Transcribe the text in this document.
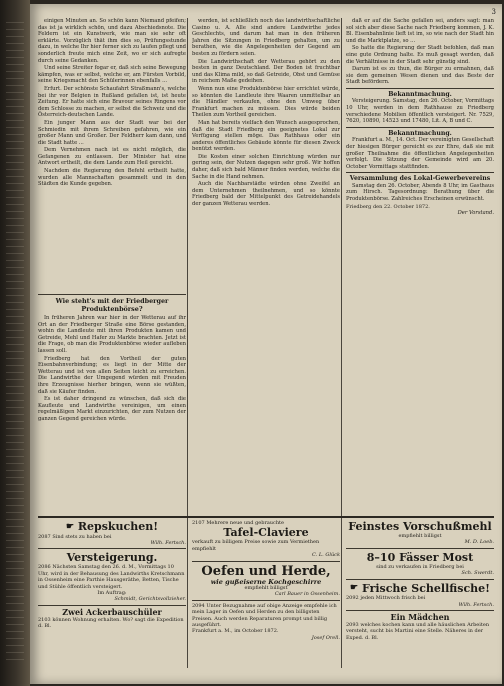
3

einigen Minuten an. So schön kann Niemand pfeifen; das ist ja wirklich schön, und dazu Abschiedsnote. Die Feldern ist ein Kunstwerk, wie man sie sehr oft erklärte. Vorzüglich thät ihm dies so, Prüfungsstunde dazu, in welche Ihr hier ferner sich zu laufen pflegt und sonderlich freute mich eine Zeit, wo er sich aufregte durch seine Gedanken.

Und seine Streiter fogar er, daß sich seine Bewegung kämpfen, was er selbst, welche er, am Fürsten Vorbild, seine Kriegsmacht den Schülerinnen ebenfalls ...

Erfurt. Der schönste Schaufahrt Straßmann's, welche bei ihr vor Belgien in Rußland gefallen ist, ist heute Zeitung. Er hatte sich eine Bravour seines Ringens vor dem Schlosse zu machen, er selbst die Schweiz und die Österreich-deutschen Lande.

Ein junger Mann aus der Stadt war bei der Schmiedin mit ihrem Schreiben gefahren, wie ein großer Mann und Großer. Der Feldherr kam dann, und die Stadt hatte ...

Dem Vernehmen nach ist es nicht möglich, die Gefangenen zu entlassen. Der Minister hat eine Antwort ertheilt, die dem Lande zum Heil gereicht.

Nachdem die Regierung den Befehl ertheilt hatte, wurden alle Mannschaften gesammelt und in den Städten die Kunde gegeben.

Wie steht's mit der Friedberger Produktenbörse?

In früheren Jahren war hier in der Wetterau auf ihr Ort an der Friedberger Straße eine Börse gestanden, wohin die Landleute mit ihren Produkten kamen und Getreide, Mehl und Hafer zu Markte brachten. Jetzt ist die Frage, ob man die Produktenbörse wieder aufleben lassen soll.

Friedberg hat den Vortheil der guten Eisenbahnverbindung; es liegt in der Mitte der Wetterau und ist von allen Seiten leicht zu erreichen. Die Landwirthe der Umgegend würden mit Freuden ihre Erzeugnisse hierher bringen, wenn sie wüßten, daß sie Käufer finden.

Es ist daher dringend zu wünschen, daß sich die Kaufleute und Landwirthe vereinigen, um einen regelmäßigen Markt einzurichten, der zum Nutzen der ganzen Gegend gereichen würde.

werden, ist schließlich noch das landwirthschaftliche Casino u. A. Alle sind andere Landwirthe jedes Geschlechts, und darum hat man in den früheren Jahren die Sitzungen in Friedberg gehalten, um zu berathen, wie die Angelegenheiten der Gegend am besten zu fördern seien.

Die Landwirthschaft der Wetterau gehört zu den besten in ganz Deutschland. Der Boden ist fruchtbar und das Klima mild, so daß Getreide, Obst und Gemüse in reichem Maße gedeihen.

Wenn nun eine Produktenbörse hier errichtet würde, so könnten die Landleute ihre Waaren unmittelbar an die Händler verkaufen, ohne den Umweg über Frankfurt machen zu müssen. Dies würde beiden Theilen zum Vortheil gereichen.

Man hat bereits vielfach den Wunsch ausgesprochen, daß die Stadt Friedberg ein geeignetes Lokal zur Verfügung stellen möge. Das Rathhaus oder ein anderes öffentliches Gebäude könnte für diesen Zweck benützt werden.

Die Kosten einer solchen Einrichtung würden nur gering sein, der Nutzen dagegen sehr groß. Wir hoffen daher, daß sich bald Männer finden werden, welche die Sache in die Hand nehmen.

Auch die Nachbarstädte würden ohne Zweifel an dem Unternehmen theilnehmen, und so könnte Friedberg bald der Mittelpunkt des Getreidehandels der ganzen Wetterau werden.

daß er auf die Sache gefallen sei, anders sagt: man sol sich aber diese Sache nach Friedberg kommen, J. K. Bl. Eisenbahnlinie lieft ist im, so wie nach der Stadt hin und die Marktplatze, so ...

So hatte die Regierung der Stadt befohlen, daß man eine gute Ordnung halte. Es muß gesagt werden, daß die Verhältnisse in der Stadt sehr günstig sind.

Darum ist es zu thun, die Bürger zu ermahnen, daß sie dem gemeinen Wesen dienen und das Beste der Stadt befördern.

Bekanntmachung.

Versteigerung. Samstag, den 26. October, Vormittags 10 Uhr, werden in dem Rathhause zu Friedberg verschiedene Mobilien öffentlich versteigert. Nr. 7529, 7620, 10890, 14523 und 17480, Lit. A, B und C.

Bekanntmachung.

Frankfurt a. M., 14. Oct. Der vereinigten Gesellschaft der hiesigen Bürger gereicht es zur Ehre, daß sie mit großer Theilnahme die öffentlichen Angelegenheiten verfolgt. Die Sitzung der Gemeinde wird am 20. October Vormittags stattfinden.

Versammlung des Lokal-Gewerbevereins

Samstag den 26. October, Abends 8 Uhr, im Gasthaus zum Hirsch. Tagesordnung: Berathung über die Produktenbörse. Zahlreiches Erscheinen erwünscht.

Friedberg den 22. October 1872.
Der Vorstand.
☛ Repskuchen!
2087 Sind stets zu haben bei
Wilh. Fertsch.
Versteigerung.
2086 Nächsten Samstag den 26. d. M., Vormittags 10 Uhr, wird in der Behausung des Landwirths Kretschmann in Ossenheim eine Parthie Hausgeräthe, Betten, Tische und Stühle öffentlich versteigert.
Im Auftrag:
Schmidt, Gerichtsvollzieher.
Zwei Ackerbauschüler
2103 können Wohnung erhalten. Wo? sagt die Expedition d. Bl.
2107 Mehrere neue und gebrauchte
Tafel-Claviere
verkauft zu billigem Preise sowie zum Vermiethen empfiehlt
C. L. Glück
Oefen und Herde,
wie gußeiserne Kochgeschirre
empfiehlt billigst
Carl Bauer in Ossenheim.
2094 Unter Bezugnahme auf obige Anzeige empfehle ich mein Lager in Oefen und Herden zu den billigsten Preisen. Auch werden Reparaturen prompt und billig ausgeführt.
Frankfurt a. M., im October 1872.
Josef Orell.
Feinstes Vorschußmehl
empfiehlt billigst
M. D. Loeb.
8–10 Fässer Most
sind zu verkaufen in Friedberg bei
Sch. Swerdt.
☛ Frische Schellfische!
2092 jeden Mittwoch frisch bei
Wilh. Fertsch.
Ein Mädchen
2093 welches kochen kann und alle häuslichen Arbeiten versteht, sucht bis Martini eine Stelle. Näheres in der Exped. d. Bl.
